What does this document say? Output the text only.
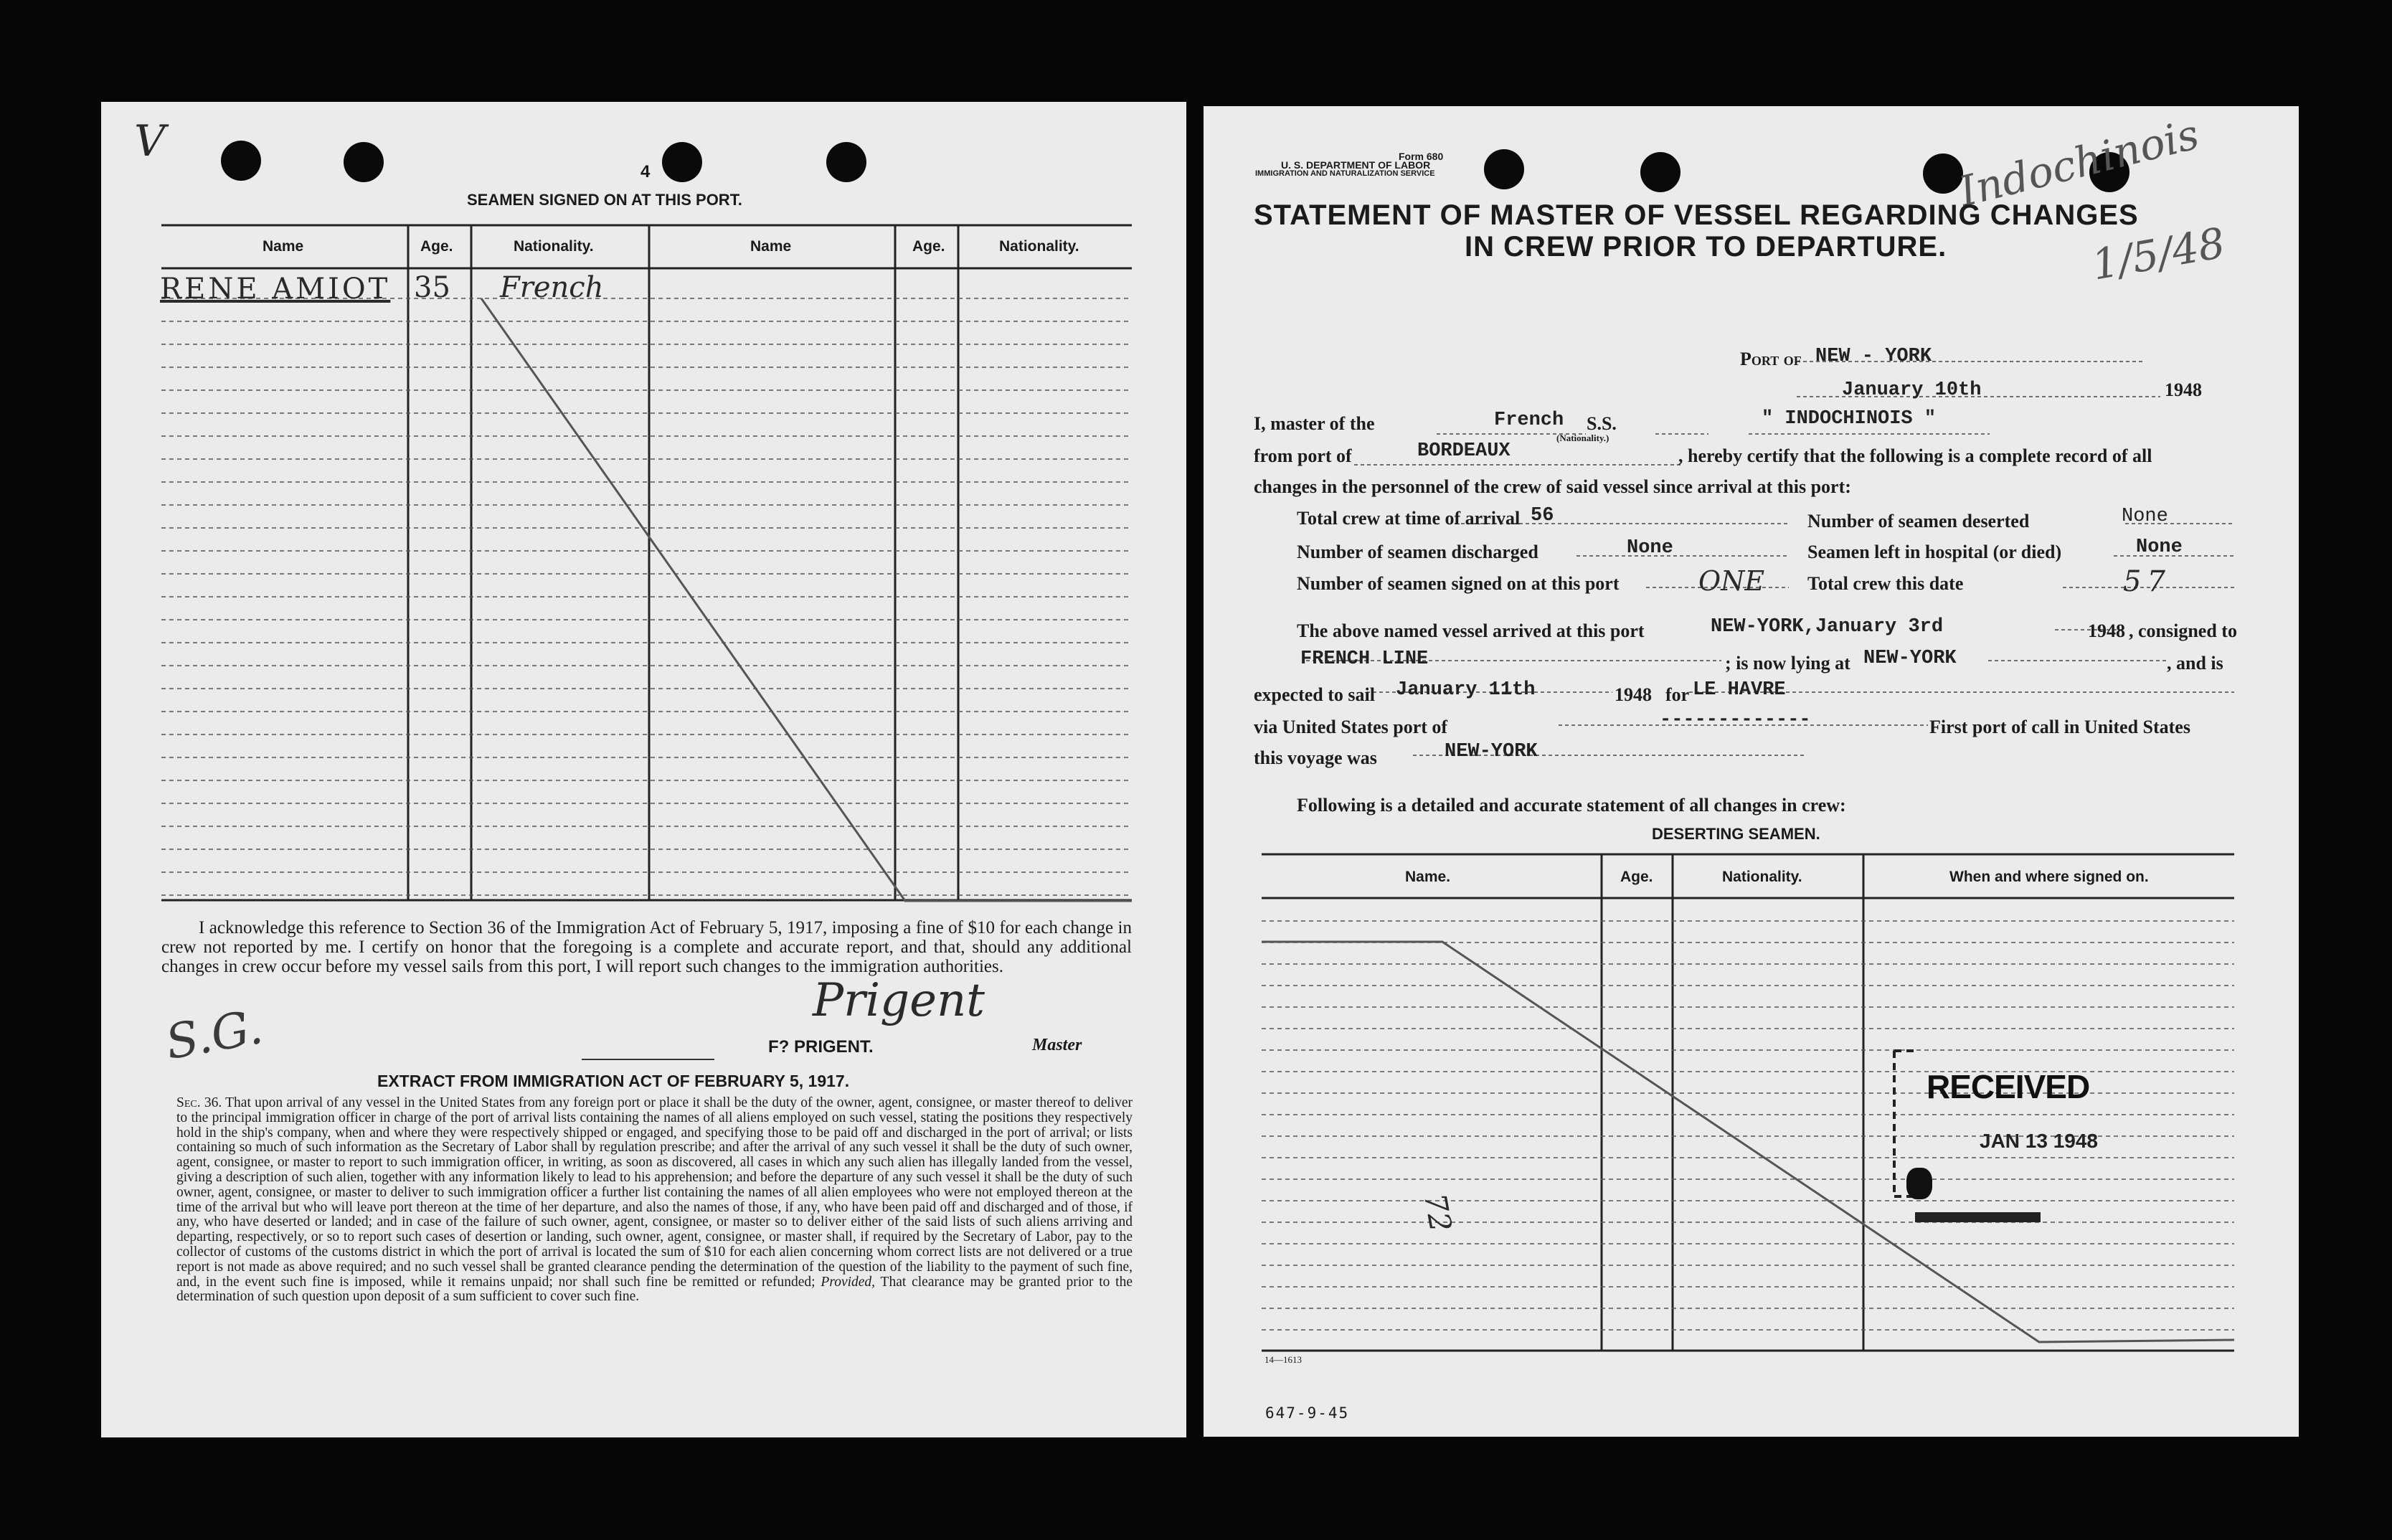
V
4
SEAMEN SIGNED ON AT THIS PORT.
Name	Age.	Nationality.	Name	Age.	Nationality.
RENE AMIOT 35 French
I acknowledge this reference to Section 36 of the Immigration Act of February 5, 1917, imposing a fine of $10 for each change in crew not reported by me. I certify on honor that the foregoing is a complete and accurate report, and that, should any additional changes in crew occur before my vessel sails from this port, I will report such changes to the immigration authorities.
S.G.	Prigent
F? PRIGENT.	Master
EXTRACT FROM IMMIGRATION ACT OF FEBRUARY 5, 1917.
Sec. 36. That upon arrival of any vessel in the United States from any foreign port or place it shall be the duty of the owner, agent, consignee, or master thereof to deliver to the principal immigration officer in charge of the port of arrival lists containing the names of all aliens employed on such vessel, stating the positions they respectively hold in the ship's company, when and where they were respectively shipped or engaged, and specifying those to be paid off and discharged in the port of arrival; or lists containing so much of such information as the Secretary of Labor shall by regulation prescribe; and after the arrival of any such vessel it shall be the duty of such owner, agent, consignee, or master to report to such immigration officer, in writing, as soon as discovered, all cases in which any such alien has illegally landed from the vessel, giving a description of such alien, together with any information likely to lead to his apprehension; and before the departure of any such vessel it shall be the duty of such owner, agent, consignee, or master to deliver to such immigration officer a further list containing the names of all alien employees who were not employed thereon at the time of the arrival but who will leave port thereon at the time of her departure, and also the names of those, if any, who have been paid off and discharged and of those, if any, who have deserted or landed; and in case of the failure of such owner, agent, consignee, or master so to deliver either of the said lists of such aliens arriving and departing, respectively, or so to report such cases of desertion or landing, such owner, agent, consignee, or master shall, if required by the Secretary of Labor, pay to the collector of customs of the customs district in which the port of arrival is located the sum of $10 for each alien concerning whom correct lists are not delivered or a true report is not made as above required; and no such vessel shall be granted clearance pending the determination of the question of the liability to the payment of such fine, and, in the event such fine is imposed, while it remains unpaid; nor shall such fine be remitted or refunded; Provided, That clearance may be granted prior to the determination of such question upon deposit of a sum sufficient to cover such fine.
Form 680
U. S. DEPARTMENT OF LABOR
IMMIGRATION AND NATURALIZATION SERVICE	Indochinois
1/5/48
STATEMENT OF MASTER OF VESSEL REGARDING CHANGES
IN CREW PRIOR TO DEPARTURE.
Port of NEW - YORK
January 10th	1948
I, master of the	French
(Nationality.)
S.S.	" INDOCHINOIS "
from port of	BORDEAUX	, hereby certify that the following is a complete record of all
changes in the personnel of the crew of said vessel since arrival at this port:
Total crew at time of arrival 56	Number of seamen deserted	None
Number of seamen discharged	None	Seamen left in hospital (or died)	None
Number of seamen signed on at this port	ONE Total crew this date	57
The above named vessel arrived at this port	NEW-YORK,January 3rd	1948 , consigned to
FRENCH LINE	; is now lying at NEW-YORK	, and is
expected to sail January 11th	1948 for LE HAVRE
via United States port of	-------------	First port of call in United States
this voyage was	NEW-YORK
Following is a detailed and accurate statement of all changes in crew:
DESERTING SEAMEN.
Name.	Age.	Nationality.	When and where signed on.
RECEIVED
JAN 13 1948
72
14—1613
647-9-45
